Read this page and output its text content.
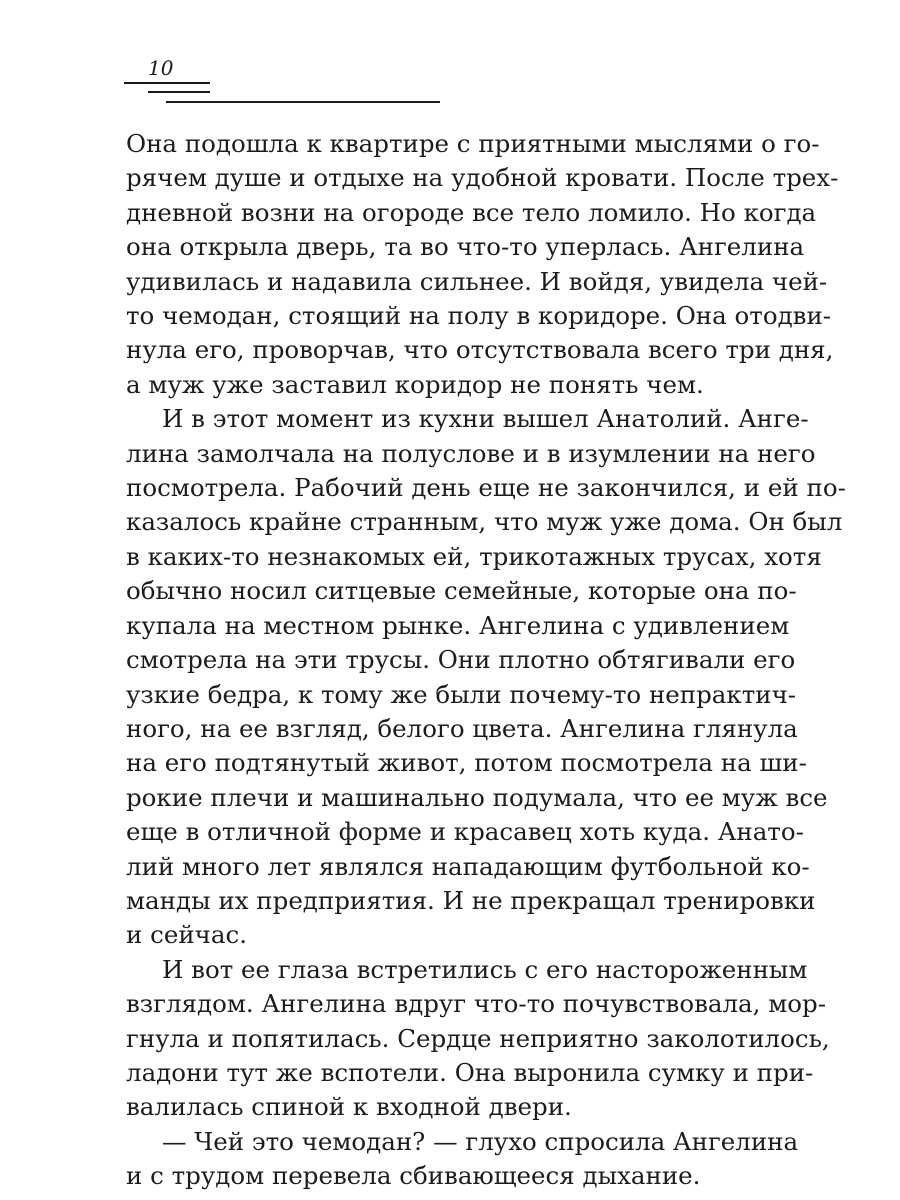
10
Она подошла к квартире с приятными мыслями о го-
рячем душе и отдыхе на удобной кровати. После трех-
дневной возни на огороде все тело ломило. Но когда
она открыла дверь, та во что-то уперлась. Ангелина
удивилась и надавила сильнее. И войдя, увидела чей-
то чемодан, стоящий на полу в коридоре. Она отодви-
нула его, проворчав, что отсутствовала всего три дня,
а муж уже заставил коридор не понять чем.
И в этот момент из кухни вышел Анатолий. Анге-
лина замолчала на полуслове и в изумлении на него
посмотрела. Рабочий день еще не закончился, и ей по-
казалось крайне странным, что муж уже дома. Он был
в каких-то незнакомых ей, трикотажных трусах, хотя
обычно носил ситцевые семейные, которые она по-
купала на местном рынке. Ангелина с удивлением
смотрела на эти трусы. Они плотно обтягивали его
узкие бедра, к тому же были почему-то непрактич-
ного, на ее взгляд, белого цвета. Ангелина глянула
на его подтянутый живот, потом посмотрела на ши-
рокие плечи и машинально подумала, что ее муж все
еще в отличной форме и красавец хоть куда. Анато-
лий много лет являлся нападающим футбольной ко-
манды их предприятия. И не прекращал тренировки
и сейчас.
И вот ее глаза встретились с его настороженным
взглядом. Ангелина вдруг что-то почувствовала, мор-
гнула и попятилась. Сердце неприятно заколотилось,
ладони тут же вспотели. Она выронила сумку и при-
валилась спиной к входной двери.
— Чей это чемодан? — глухо спросила Ангелина
и с трудом перевела сбивающееся дыхание.
